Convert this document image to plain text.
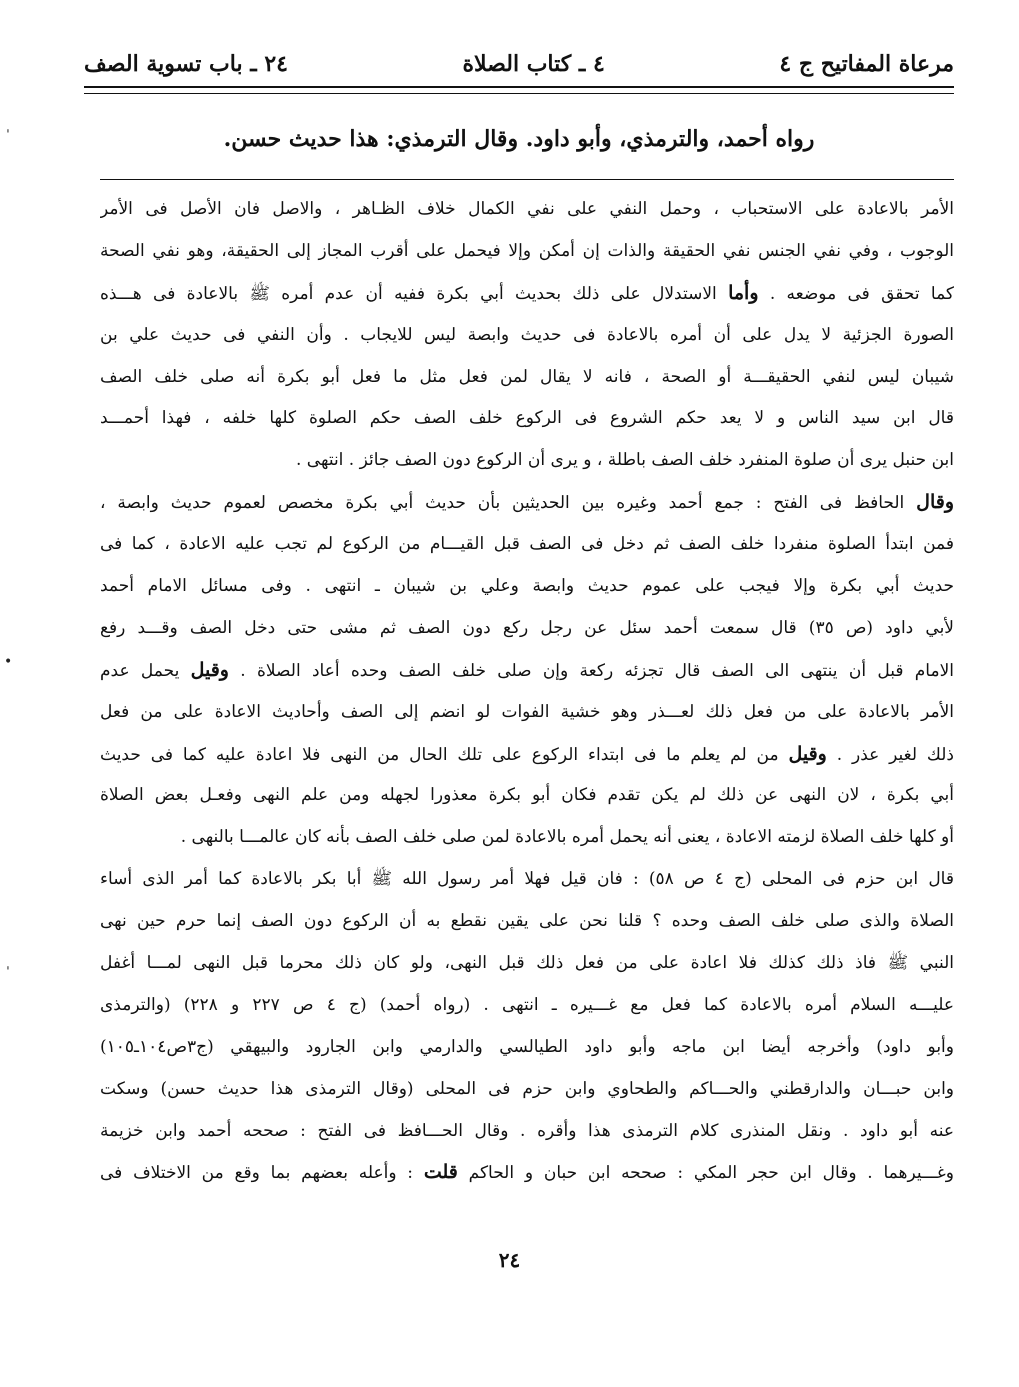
مرعاة المفاتيح ج ٤
٤ ـ كتاب الصلاة
٢٤ ـ باب تسوية الصف
رواه أحمد، والترمذي، وأبو داود. وقال الترمذي: هذا حديث حسن.
الأمر بالاعادة على الاستحباب ، وحمل النفي على نفي الكمال خلاف الظـاهر ، والاصل فان الأصل فى الأمر
الوجوب ، وفي نفي الجنس نفي الحقيقة والذات إن أمكن وإلا فيحمل على أقرب المجاز إلى الحقيقة، وهو نفي الصحة
كما تحقق فى موضعه . وأما الاستدلال على ذلك بحديث أبي بكرة ففيه أن عدم أمره ﷺ بالاعادة فى هـــذه
الصورة الجزئية لا يدل على أن أمره بالاعادة فى حديث وابصة ليس للايجاب . وأن النفي فى حديث علي بن
شيبان ليس لنفي الحقيقـــة أو الصحة ، فانه لا يقال لمن فعل مثل ما فعل أبو بكرة أنه صلى خلف الصف
قال ابن سيد الناس و لا يعد حكم الشروع فى الركوع خلف الصف حكم الصلوة كلها خلفه ، فهذا أحمـــد
ابن حنبل يرى أن صلوة المنفرد خلف الصف باطلة ، و يرى أن الركوع دون الصف جائز . انتهى .
وقال الحافظ فى الفتح : جمع أحمد وغيره بين الحديثين بأن حديث أبي بكرة مخصص لعموم حديث وابصة ،
فمن ابتدأ الصلوة منفردا خلف الصف ثم دخل فى الصف قبل القيـــام من الركوع لم تجب عليه الاعادة ، كما فى
حديث أبي بكرة وإلا فيجب على عموم حديث وابصة وعلي بن شيبان ـ انتهى . وفى مسائل الامام أحمد
لأبي داود (ص ٣٥) قال سمعت أحمد سئل عن رجل ركع دون الصف ثم مشى حتى دخل الصف وقـــد رفع
الامام قبل أن ينتهى الى الصف قال تجزئه ركعة وإن صلى خلف الصف وحده أعاد الصلاة . وقيل يحمل عدم
الأمر بالاعادة على من فعل ذلك لعـــذر وهو خشية الفوات لو انضم إلى الصف وأحاديث الاعادة على من فعل
ذلك لغير عذر . وقيل من لم يعلم ما فى ابتداء الركوع على تلك الحال من النهى فلا اعادة عليه كما فى حديث
أبي بكرة ، لان النهى عن ذلك لم يكن تقدم فكان أبو بكرة معذورا لجهله ومن علم النهى وفعـل بعض الصلاة
أو كلها خلف الصلاة لزمته الاعادة ، يعنى أنه يحمل أمره بالاعادة لمن صلى خلف الصف بأنه كان عالمـــا بالنهى .
قال ابن حزم فى المحلى (ج ٤ ص ٥٨) : فان قيل فهلا أمر رسول الله ﷺ أبا بكر بالاعادة كما أمر الذى أساء
الصلاة والذى صلى خلف الصف وحده ؟ قلنا نحن على يقين نقطع به أن الركوع دون الصف إنما حرم حين نهى
النبي ﷺ فاذ ذلك كذلك فلا اعادة على من فعل ذلك قبل النهى، ولو كان ذلك محرما قبل النهى لمـــا أغفل
عليـــه السلام أمره بالاعادة كما فعل مع غـــيره ـ انتهى . (رواه أحمد) (ج ٤ ص ٢٢٧ و ٢٢٨) (والترمذى
وأبو داود) وأخرجه أيضا ابن ماجه وأبو داود الطيالسي والدارمي وابن الجارود والبيهقي (ج٣ص١٠٤ـ١٠٥)
وابن حبـــان والدارقطني والحـــاكم والطحاوي وابن حزم فى المحلى (وقال الترمذى هذا حديث حسن) وسكت
عنه أبو داود . ونقل المنذرى كلام الترمذى هذا وأقره . وقال الحـــافظ فى الفتح : صححه أحمد وابن خزيمة
وغـــيرهما . وقال ابن حجر المكي : صححه ابن حبان و الحاكم قلت : وأعله بعضهم بما وقع من الاختلاف فى
٢٤
ˈ
•
ˈ
